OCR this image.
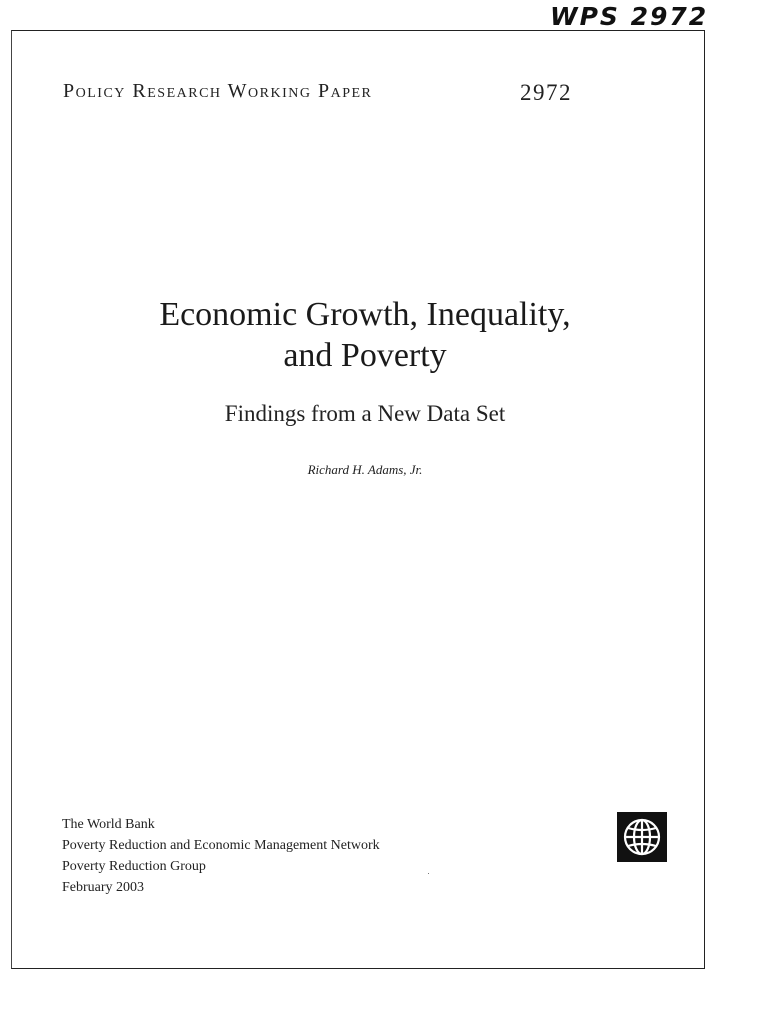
WPS 2972
Policy Research Working Paper	2972
Economic Growth, Inequality,
and Poverty
Findings from a New Data Set
Richard H. Adams, Jr.
The World Bank
Poverty Reduction and Economic Management Network
Poverty Reduction Group
February 2003
